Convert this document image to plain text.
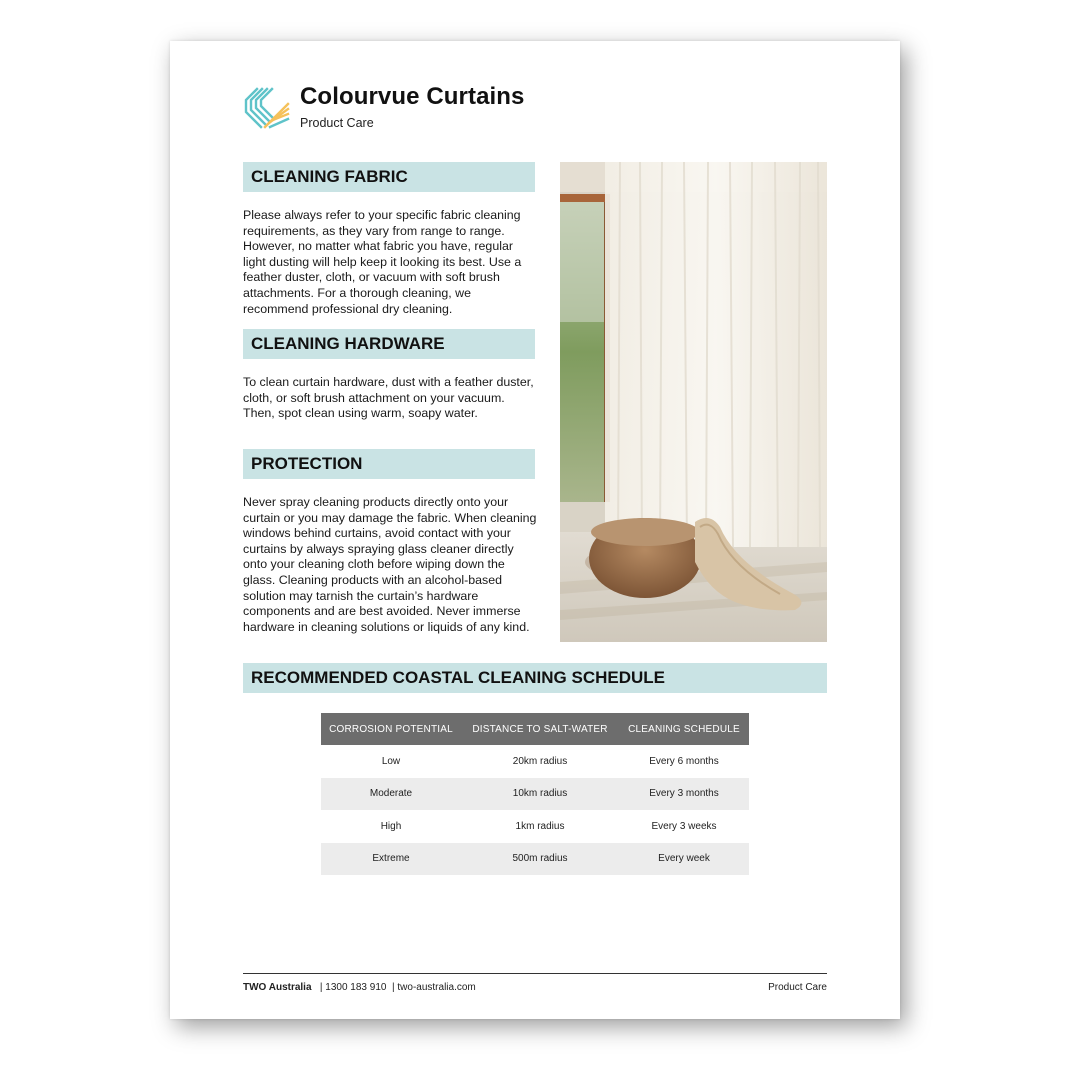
Colourvue Curtains
Product Care
CLEANING FABRIC
Please always refer to your specific fabric cleaning requirements, as they vary from range to range. However, no matter what fabric you have, regular light dusting will help keep it looking its best. Use a feather duster, cloth, or vacuum with soft brush attachments. For a thorough cleaning, we recommend professional dry cleaning.
CLEANING HARDWARE
To clean curtain hardware, dust with a feather duster, cloth, or soft brush attachment on your vacuum. Then, spot clean using warm, soapy water.
PROTECTION
Never spray cleaning products directly onto your curtain or you may damage the fabric. When cleaning windows behind curtains, avoid contact with your curtains by always spraying glass cleaner directly onto your cleaning cloth before wiping down the glass. Cleaning products with an alcohol-based solution may tarnish the curtain’s hardware components and are best avoided. Never immerse hardware in cleaning solutions or liquids of any kind.
RECOMMENDED COASTAL CLEANING SCHEDULE
CORROSION POTENTIAL	DISTANCE TO SALT-WATER	CLEANING SCHEDULE
Low	20km radius	Every 6 months
Moderate	10km radius	Every 3 months
High	1km radius	Every 3 weeks
Extreme	500m radius	Every week
TWO Australia | 1300 183 910 | two-australia.com	Product Care
